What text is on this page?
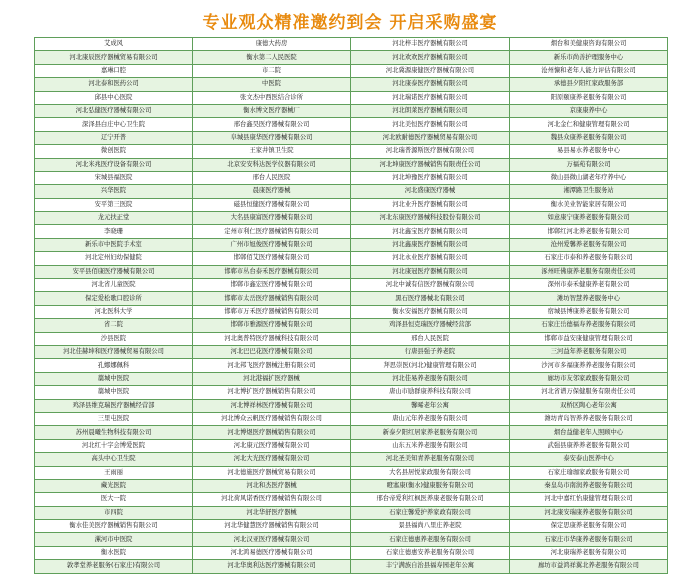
专业观众精准邀约到会 开启采购盛宴
艾成风	康德大药房	河北梓丰医疗器械有限公司	烟台和美健康咨询有限公司
河北康辰医疗器械贸易有限公司	衡水第二人民医院	河北欢欢医疗器械有限公司	新乐市尚善护理服务中心
嘉琳口腔	市二院	河北冀源康健医疗器械有限公司	沧州慷和老年人能力评估有限公司
河北泰和医药公司	中医院	河北康泰医疗器械有限公司	承德县夕阳红家政服务部
邱县中心医院	张文杰中西医结合诊所	河北瑞诺医疗器械有限公司	阳原颐康养老服务有限公司
河北弘健医疗器械有限公司	衡水博文医疗器械厂	河北朗莱医疗器械有限公司	京康康养中心
深泽县白庄中心卫生院	邢台鑫昊医疗器械有限公司	河北美恒医疗器械有限公司	河北金仁和健康管理有限公司
辽宁开普	阜城县康华医疗器械有限公司	河北欧耐德医疗器械贸易有限公司	魏县众康养老服务有限公司
微创医院	王家井镇卫生院	河北瑞普源斯医疗器械有限公司	易县易水养老服务中心
河北米兆医疗设备有限公司	北京安安科达医学仪器有限公司	河北坤康医疗器械销售有限责任公司	万福苑有限公司
宋城县福医院	邢台人民医院	河北坤豫医疗器械有限公司	微山县微山湖老年疗养中心
兴华医院	晨康医疗器械	河北盛康医疗器械	湘潭路卫生服务站
安平第三医院	磁县恒健医疗器械有限公司	河北业升医疗器械有限公司	衡水美业智能家居有限公司
龙元扶正堂	大名县康富医疗器械有限公司	河北东康医疗器械科技股份有限公司	如意康宁康养老服务有限公司
李晓珊	定州市利仁医疗器械销售有限公司	河北鑫宝医疗器械有限公司	邯郸红河北养老服务有限公司
新乐市中医院手术室	广州市旭俊医疗器械有限公司	河北鑫康医疗器械有限公司	沧州爱馨养老服务有限公司
河北定州妇幼保健院	邯郸佰艾医疗器械有限公司	河北永业医疗器械有限公司	石家庄市泰和养老服务有限公司
安平县佰康医疗器械有限公司	邯郸市丛台泰禾医疗器械有限公司	河北康冠医疗器械有限公司	涿州旺佛康养老服务有限责任公司
河北省儿童医院	邯郸市鑫宏医疗器械有限公司	河北中诚有信医疗器械有限公司	深州市泰禾健康养老有限公司
保定爱松歌口腔诊所	邯郸市太岳医疗器械销售有限公司	黑石医疗器械北有限公司	滩坊智慧养老服务中心
河北医科大学	邯郸市万禾医疗器械销售有限公司	衡水安福医疗器械有限公司	宿城县博康养老服务有限公司
省二院	邯郸市雅源医疗器械有限公司	鸡泽县恒克瑞医疗器械经营部	石家庄岳德福寿养老服务有限公司
沙县医院	河北奥普特医疗器械科技有限公司	邢台人民医院	邯郸市益安康健康管理有限公司
河北佳赫坤和医疗器械贸易有限公司	河北巴巴花医疗器械有限公司	行唐县强子养老院	三河益年养老服务有限公司
孔娜娜佩科	河北邦飞医疗器械注册有限公司	拜思崇医(河北)健康管理有限公司	沙河市多福康养养老服务有限公司
藁城中医院	河北港福扩医疗器械	河北佳易养老服务有限公司	廊坊市友邻家政服务有限公司
藁城中医院	河北博扩医疗器械销售有限公司	唐山市励群康养科技有限公司	河北省谱万保健服务有限责任公司
鸡泽县维克瑞医疗器械经营部	河北博祥林医疗器械有限公司	馨晞老年公寓	双桥区陶心老年公寓
三里屯医院	河北博众云帆医疗器械销售有限公司	唐山元年养老服务有限公司	潍坊青岛智养养老服务有限公司
苏州晨曦生物科技有限公司	河北博煜医疗器械销售有限公司	新泰夕阳红居家养老服务有限公司	烟台益健老年人照顾中心
河北红十字会博爱医院	河北康元医疗器械有限公司	山东五米养老服务有限公司	武强县康养养老服务有限公司
高头中心卫生院	河北大光医疗器械有限公司	河北圣美知青养老服务有限公司	泰安泰山医养中心
王雨丽	河北德施医疗器械贸易有限公司	大名县居悦家政服务有限公司	石家庄瑜珈家政服务有限公司
藏光医院	河北和杰医疗器械	瞪塞康(衡水)健康服务有限公司	秦皇岛市南润养老服务有限公司
医大一院	河北荷风诺香医疗器械销售有限公司	邢台帝爱利红枫医养康老服务有限公司	河北中嘉红怡康健管理有限公司
市四院	河北华舒医疗器械	石家庄馨爱护养家政有限公司	河北康安瑞康养老服务有限公司
衡水佳美医疗器械销售有限公司	河北华健慧医疗器械销售有限公司	景县福尚八里庄养老院	保定思康养老服务有限公司
漯河市中医院	河北汉亚医疗器械有限公司	石家庄德惠养老服务有限公司	石家庄市华康养老服务有限公司
衡水医院	河北鸿易德医疗器械有限公司	石家庄德惠安养老服务有限公司	河北康瑞养老服务有限公司
敦孝堂养老服务(石家庄)有限公司	河北华奥利达医疗器械有限公司	丰宁满族自治县福寿园老年公寓	廊坊市益鸿祥翼北养老服务有限公司
